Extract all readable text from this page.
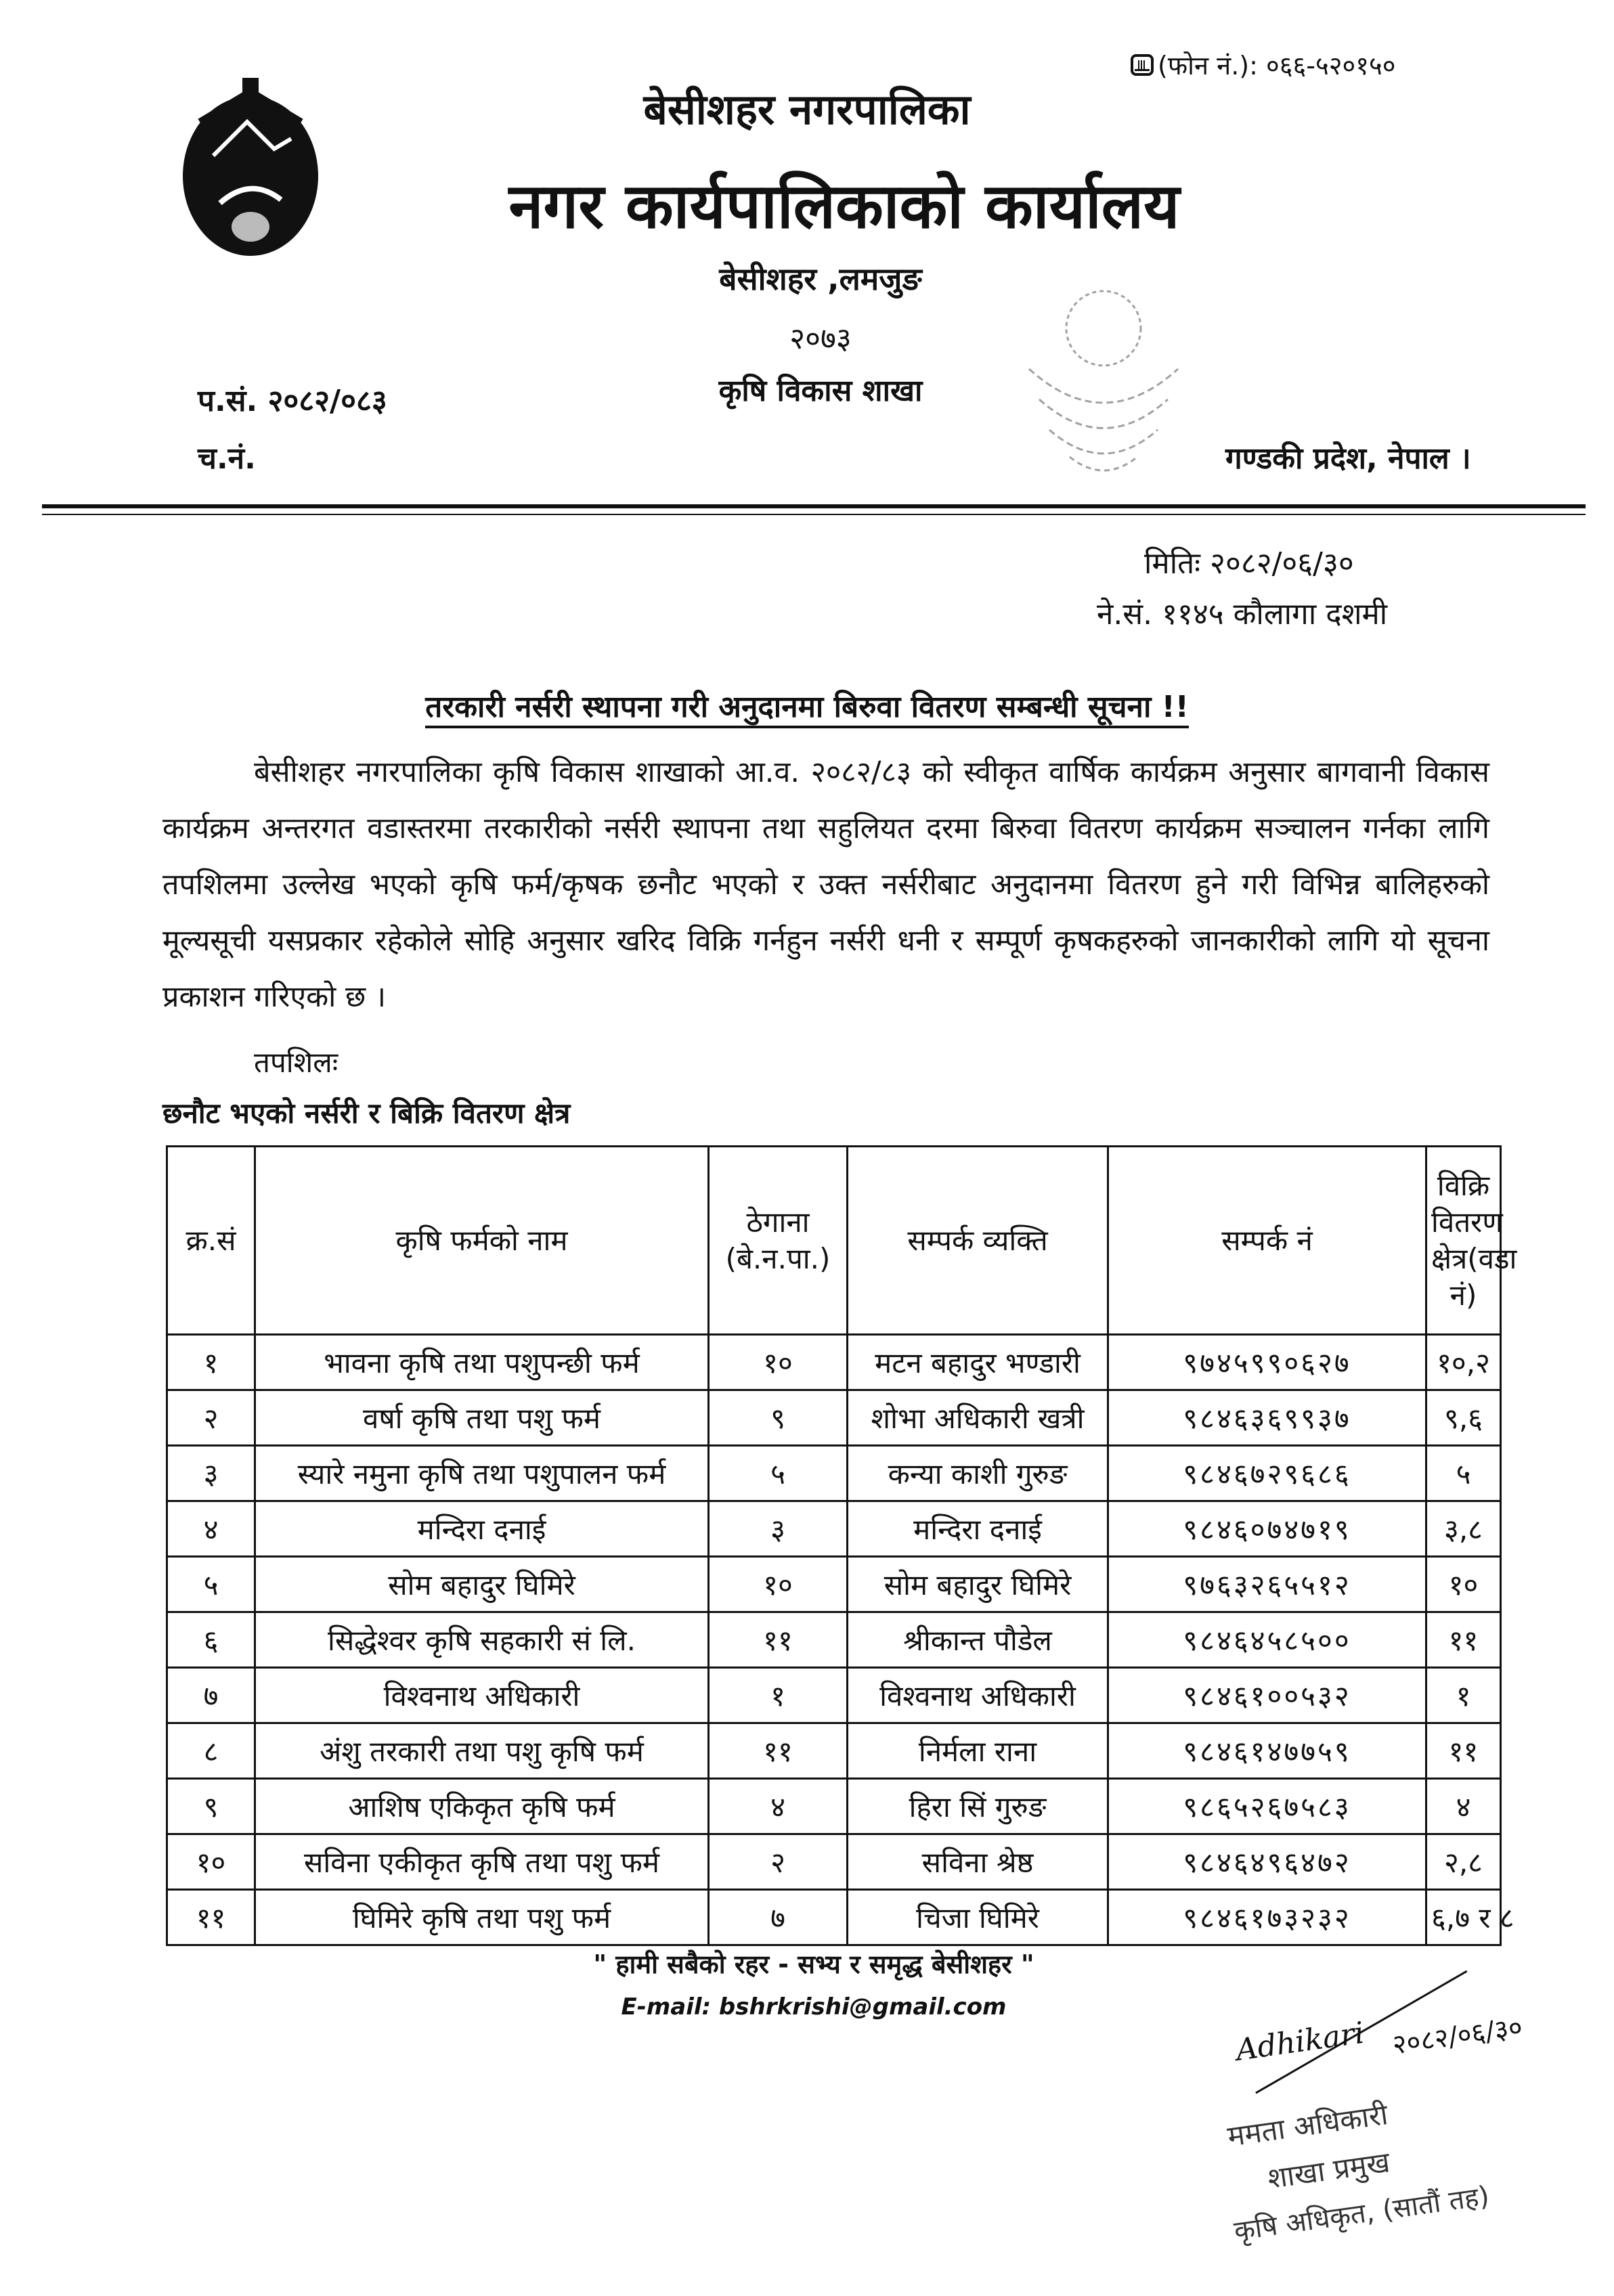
(फोन नं.): ०६६-५२०१५०
बेसीशहर नगरपालिका
नगर कार्यपालिकाको कार्यालय
बेसीशहर ,लमजुङ
२०७३
कृषि विकास शाखा
प.सं. २०८२/०८३
च.नं.	गण्डकी प्रदेश, नेपाल ।
मितिः २०८२/०६/३०
ने.सं. ११४५ कौलागा दशमी
तरकारी नर्सरी स्थापना गरी अनुदानमा बिरुवा वितरण सम्बन्धी सूचना !!
बेसीशहर नगरपालिका कृषि विकास शाखाको आ.व. २०८२/८३ को स्वीकृत वार्षिक कार्यक्रम अनुसार बागवानी विकास कार्यक्रम अन्तरगत वडास्तरमा तरकारीको नर्सरी स्थापना तथा सहुलियत दरमा बिरुवा वितरण कार्यक्रम सञ्चालन गर्नका लागि तपशिलमा उल्लेख भएको कृषि फर्म/कृषक छनौट भएको र उक्त नर्सरीबाट अनुदानमा वितरण हुने गरी विभिन्न बालिहरुको मूल्यसूची यसप्रकार रहेकोले सोहि अनुसार खरिद विक्रि गर्नहुन नर्सरी धनी र सम्पूर्ण कृषकहरुको जानकारीको लागि यो सूचना प्रकाशन गरिएको छ ।
तपशिलः
छनौट भएको नर्सरी र बिक्रि वितरण क्षेत्र
क्र.सं	कृषि फर्मको नाम	ठेगाना (बे.न.पा.)	सम्पर्क व्यक्ति	सम्पर्क नं	विक्रि वितरण क्षेत्र(वडा नं)
१	भावना कृषि तथा पशुपन्छी फर्म	१०	मटन बहादुर भण्डारी	९७४५९९०६२७	१०,२
२	वर्षा कृषि तथा पशु फर्म	९	शोभा अधिकारी खत्री	९८४६३६९९३७	९,६
३	स्यारे नमुना कृषि तथा पशुपालन फर्म	५	कन्या काशी गुरुङ	९८४६७२९६८६	५
४	मन्दिरा दनाई	३	मन्दिरा दनाई	९८४६०७४७१९	३,८
५	सोम बहादुर घिमिरे	१०	सोम बहादुर घिमिरे	९७६३२६५५१२	१०
६	सिद्धेश्वर कृषि सहकारी सं लि.	११	श्रीकान्त पौडेल	९८४६४५८५००	११
७	विश्वनाथ अधिकारी	१	विश्वनाथ अधिकारी	९८४६१००५३२	१
८	अंशु तरकारी तथा पशु कृषि फर्म	११	निर्मला राना	९८४६१४७७५९	११
९	आशिष एकिकृत कृषि फर्म	४	हिरा सिं गुरुङ	९८६५२६७५८३	४
१०	सविना एकीकृत कृषि तथा पशु फर्म	२	सविना श्रेष्ठ	९८४६४९६४७२	२,८
११	घिमिरे कृषि तथा पशु फर्म	७	चिजा घिमिरे	९८४६१७३२३२	६,७ र ८
" हामी सबैको रहर - सभ्य र समृद्ध बेसीशहर "
E-mail: bshrkrishi@gmail.com
Adhikari २०८२/०६/३०
ममता अधिकारी
शाखा प्रमुख
कृषि अधिकृत, (सातौं तह)
